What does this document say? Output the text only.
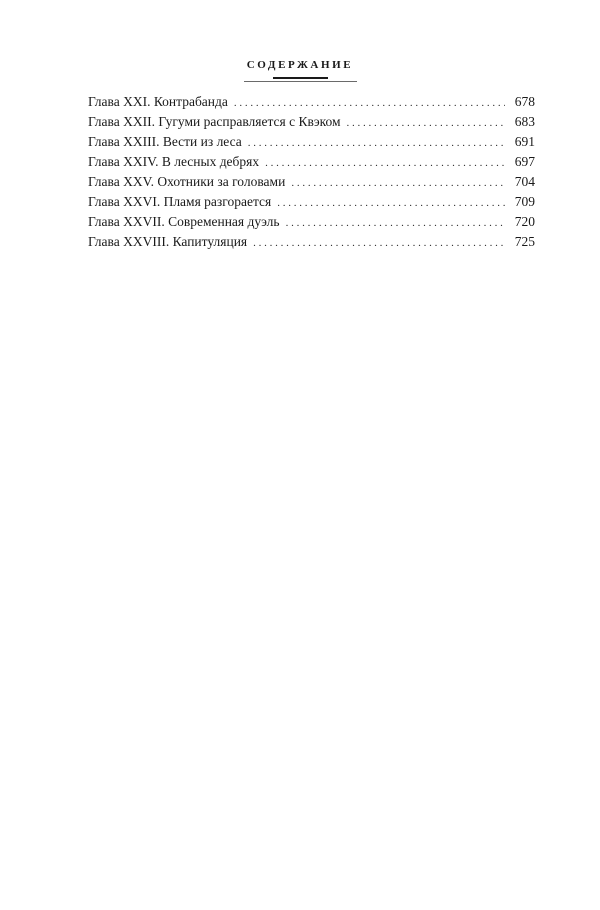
СОДЕРЖАНИЕ
Глава XXI. Контрабанда . . .	678
Глава XXII. Гугуми расправляется с Квэком . . .	683
Глава XXIII. Вести из леса . . .	691
Глава XXIV. В лесных дебрях . . .	697
Глава XXV. Охотники за головами . . .	704
Глава XXVI. Пламя разгорается . . .	709
Глава XXVII. Современная дуэль . . .	720
Глава XXVIII. Капитуляция . . .	725
